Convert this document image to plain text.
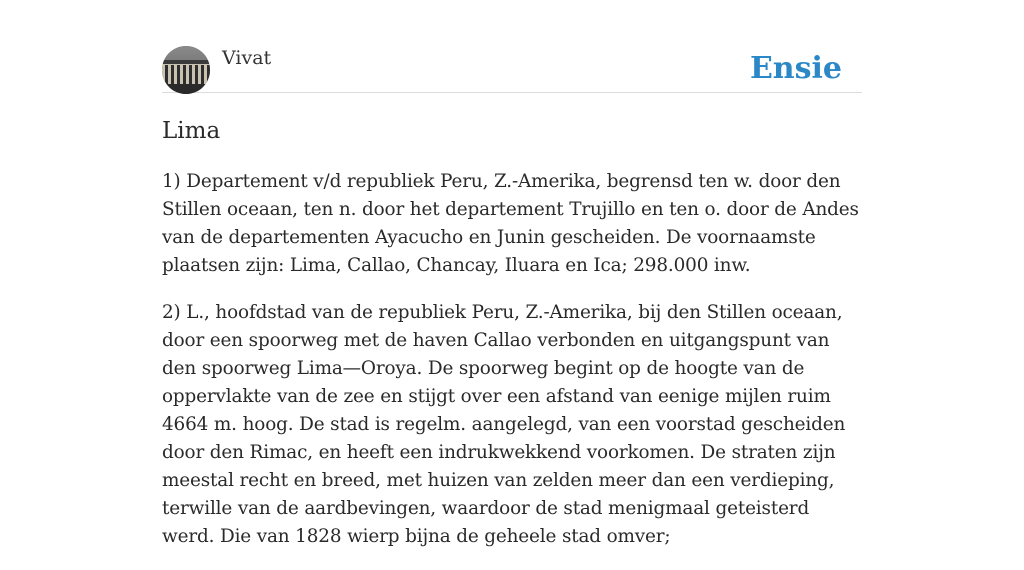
Vivat	Ensie
Lima

1) Departement v/d republiek Peru, Z.-Amerika, begrensd ten w. door den Stillen oceaan, ten n. door het departement Trujillo en ten o. door de Andes van de departementen Ayacucho en Junin gescheiden. De voornaamste plaatsen zijn: Lima, Callao, Chancay, Iluara en Ica; 298.000 inw.

2) L., hoofdstad van de republiek Peru, Z.-Amerika, bij den Stillen oceaan, door een spoorweg met de haven Callao verbonden en uitgangspunt van den spoorweg Lima—Oroya. De spoorweg begint op de hoogte van de oppervlakte van de zee en stijgt over een afstand van eenige mijlen ruim 4664 m. hoog. De stad is regelm. aangelegd, van een voorstad gescheiden door den Rimac, en heeft een indrukwekkend voorkomen. De straten zijn meestal recht en breed, met huizen van zelden meer dan een verdieping, terwille van de aardbevingen, waardoor de stad menigmaal geteisterd werd. Die van 1828 wierp bijna de geheele stad omver;
